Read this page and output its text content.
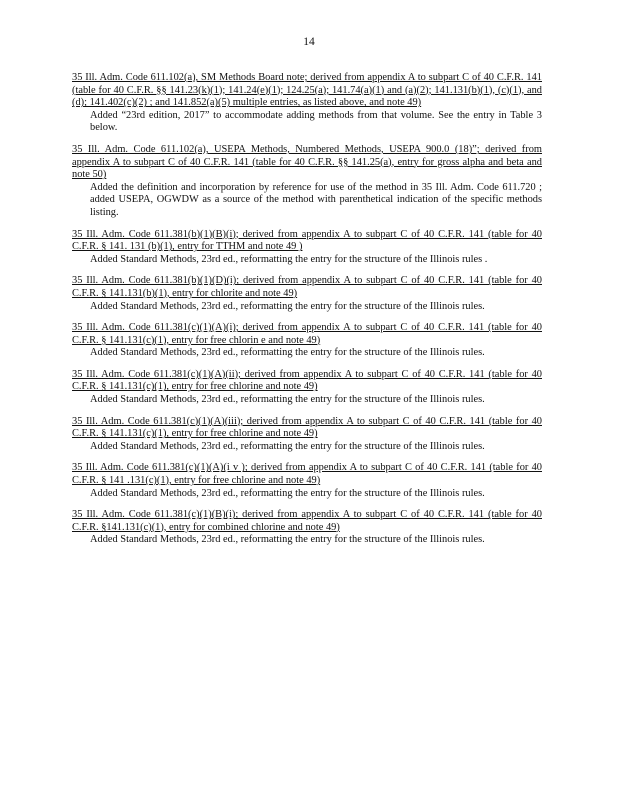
14
35 Ill. Adm. Code 611.102(a), SM Methods Board note; derived from appendix A to subpart C of 40 C.F.R. 141 (table for 40 C.F.R. §§ 141.23(k)(1); 141.24(e)(1); 124.25(a); 141.74(a)(1) and (a)(2); 141.131(b)(1), (c)(1), and (d); 141.402(c)(2) ; and 141.852(a)(5) multiple entries, as listed above, and note 49)
Added “23rd edition, 2017” to accommodate adding methods from that volume. See the entry in Table 3 below.
35 Ill. Adm. Code 611.102(a), USEPA Methods, Numbered Methods, USEPA 900.0 (18)”; derived from appendix A to subpart C of 40 C.F.R. 141 (table for 40 C.F.R. §§ 141.25(a), entry for gross alpha and beta and note 50)
Added the definition and incorporation by reference for use of the method in 35 Ill. Adm. Code 611.720 ; added USEPA, OGWDW as a source of the method with parenthetical indication of the specific methods listing.
35 Ill. Adm. Code 611.381(b)(1)(B)(i); derived from appendix A to subpart C of 40 C.F.R. 141 (table for 40 C.F.R. § 141. 131 (b)(1), entry for TTHM and note 49 )
Added Standard Methods, 23rd ed., reformatting the entry for the structure of the Illinois rules .
35 Ill. Adm. Code 611.381(b)(1)(D)(i); derived from appendix A to subpart C of 40 C.F.R. 141 (table for 40 C.F.R. § 141.131(b)(1), entry for chlorite and note 49)
Added Standard Methods, 23rd ed., reformatting the entry for the structure of the Illinois rules.
35 Ill. Adm. Code 611.381(c)(1)(A)(i); derived from appendix A to subpart C of 40 C.F.R. 141 (table for 40 C.F.R. § 141.131(c)(1), entry for free chlorin e and note 49)
Added Standard Methods, 23rd ed., reformatting the entry for the structure of the Illinois rules.
35 Ill. Adm. Code 611.381(c)(1)(A)(ii); derived from appendix A to subpart C of 40 C.F.R. 141 (table for 40 C.F.R. § 141.131(c)(1), entry for free chlorine and note 49)
Added Standard Methods, 23rd ed., reformatting the entry for the structure of the Illinois rules.
35 Ill. Adm. Code 611.381(c)(1)(A)(iii); derived from appendix A to subpart C of 40 C.F.R. 141 (table for 40 C.F.R. § 141.131(c)(1), entry for free chlorine and note 49)
Added Standard Methods, 23rd ed., reformatting the entry for the structure of the Illinois rules.
35 Ill. Adm. Code 611.381(c)(1)(A)(i v ); derived from appendix A to subpart C of 40 C.F.R. 141 (table for 40 C.F.R. § 141 .131(c)(1), entry for free chlorine and note 49)
Added Standard Methods, 23rd ed., reformatting the entry for the structure of the Illinois rules.
35 Ill. Adm. Code 611.381(c)(1)(B)(i); derived from appendix A to subpart C of 40 C.F.R. 141 (table for 40 C.F.R. §141.131(c)(1), entry for combined chlorine and note 49)
Added Standard Methods, 23rd ed., reformatting the entry for the structure of the Illinois rules.
